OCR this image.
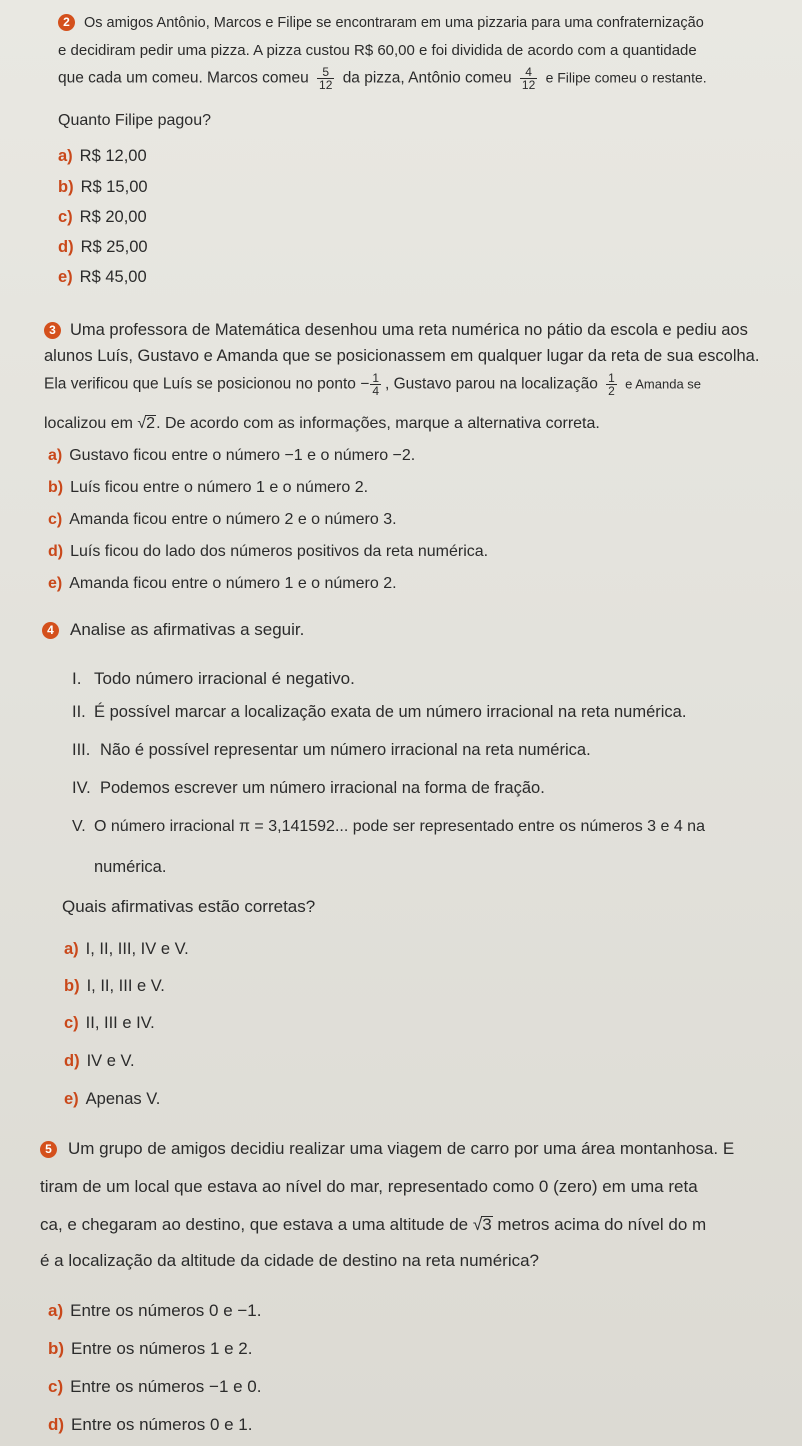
2 Os amigos Antônio, Marcos e Filipe se encontraram em uma pizzaria para uma confraternização
e decidiram pedir uma pizza. A pizza custou R$ 60,00 e foi dividida de acordo com a quantidade
que cada um comeu. Marcos comeu $\frac{5}{12}$ da pizza, Antônio comeu $\frac{4}{12}$ e Filipe comeu o restante.
Quanto Filipe pagou?
a) R$ 12,00
b) R$ 15,00
c) R$ 20,00
d) R$ 25,00
e) R$ 45,00
3 Uma professora de Matemática desenhou uma reta numérica no pátio da escola e pediu aos
alunos Luís, Gustavo e Amanda que se posicionassem em qualquer lugar da reta de sua escolha.
Ela verificou que Luís se posicionou no ponto − $\frac{1}{4}$ , Gustavo parou na localização $\frac{1}{2}$ e Amanda se
localizou em √2. De acordo com as informações, marque a alternativa correta.
a) Gustavo ficou entre o número −1 e o número −2.
b) Luís ficou entre o número 1 e o número 2.
c) Amanda ficou entre o número 2 e o número 3.
d) Luís ficou do lado dos números positivos da reta numérica.
e) Amanda ficou entre o número 1 e o número 2.
4 Analise as afirmativas a seguir.
I. Todo número irracional é negativo.
II. É possível marcar a localização exata de um número irracional na reta numérica.
III. Não é possível representar um número irracional na reta numérica.
IV. Podemos escrever um número irracional na forma de fração.
V. O número irracional π = 3,141592... pode ser representado entre os números 3 e 4 na
numérica.
Quais afirmativas estão corretas?
a) I, II, III, IV e V.
b) I, II, III e V.
c) II, III e IV.
d) IV e V.
e) Apenas V.
5 Um grupo de amigos decidiu realizar uma viagem de carro por uma área montanhosa. E
tiram de um local que estava ao nível do mar, representado como 0 (zero) em uma reta
ca, e chegaram ao destino, que estava a uma altitude de √3 metros acima do nível do m
é a localização da altitude da cidade de destino na reta numérica?
a) Entre os números 0 e −1.
b) Entre os números 1 e 2.
c) Entre os números −1 e 0.
d) Entre os números 0 e 1.
